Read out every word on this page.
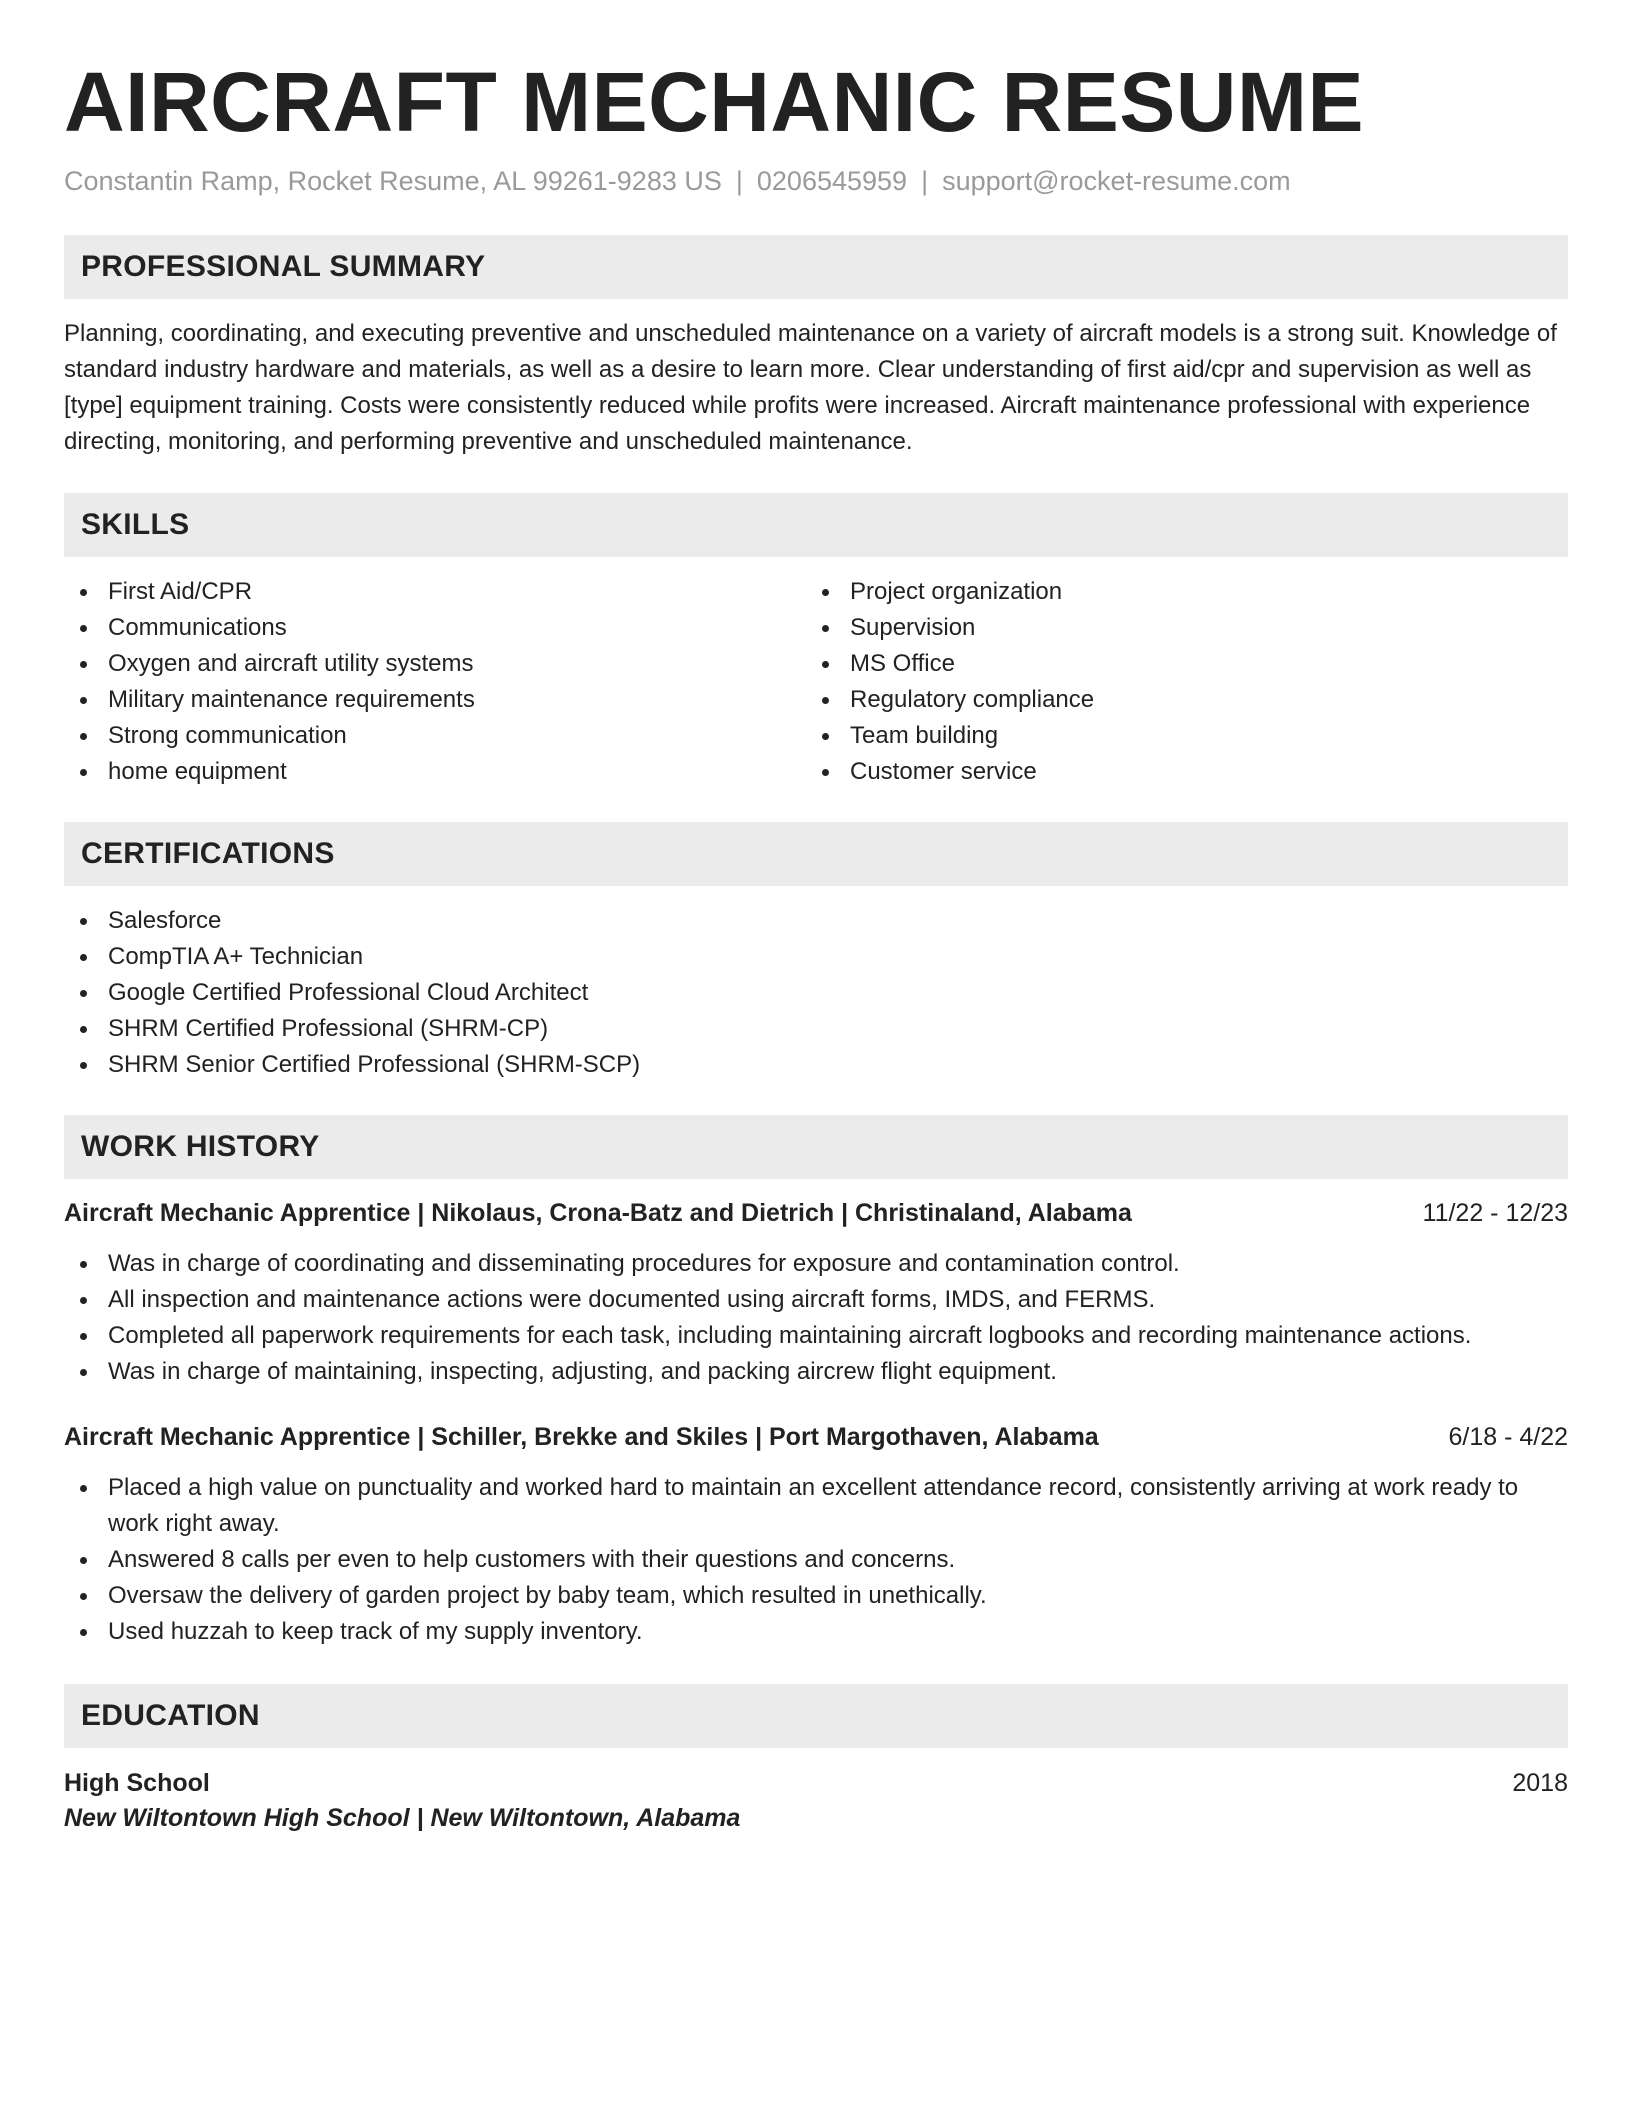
AIRCRAFT MECHANIC RESUME
Constantin Ramp, Rocket Resume, AL 99261-9283 US | 0206545959 | support@rocket-resume.com
PROFESSIONAL SUMMARY

Planning, coordinating, and executing preventive and unscheduled maintenance on a variety of aircraft models is a strong suit. Knowledge of standard industry hardware and materials, as well as a desire to learn more. Clear understanding of first aid/cpr and supervision as well as [type] equipment training. Costs were consistently reduced while profits were increased. Aircraft maintenance professional with experience directing, monitoring, and performing preventive and unscheduled maintenance.

SKILLS
First Aid/CPR
Communications
Oxygen and aircraft utility systems
Military maintenance requirements
Strong communication
home equipment
Project organization
Supervision
MS Office
Regulatory compliance
Team building
Customer service
CERTIFICATIONS
Salesforce
CompTIA A+ Technician
Google Certified Professional Cloud Architect
SHRM Certified Professional (SHRM-CP)
SHRM Senior Certified Professional (SHRM-SCP)
WORK HISTORY
Aircraft Mechanic Apprentice | Nikolaus, Crona-Batz and Dietrich | Christinaland, Alabama	11/22 - 12/23
Was in charge of coordinating and disseminating procedures for exposure and contamination control.
All inspection and maintenance actions were documented using aircraft forms, IMDS, and FERMS.
Completed all paperwork requirements for each task, including maintaining aircraft logbooks and recording maintenance actions.
Was in charge of maintaining, inspecting, adjusting, and packing aircrew flight equipment.
Aircraft Mechanic Apprentice | Schiller, Brekke and Skiles | Port Margothaven, Alabama	6/18 - 4/22
Placed a high value on punctuality and worked hard to maintain an excellent attendance record, consistently arriving at work ready to work right away.
Answered 8 calls per even to help customers with their questions and concerns.
Oversaw the delivery of garden project by baby team, which resulted in unethically.
Used huzzah to keep track of my supply inventory.
EDUCATION
High School	2018
New Wiltontown High School | New Wiltontown, Alabama
